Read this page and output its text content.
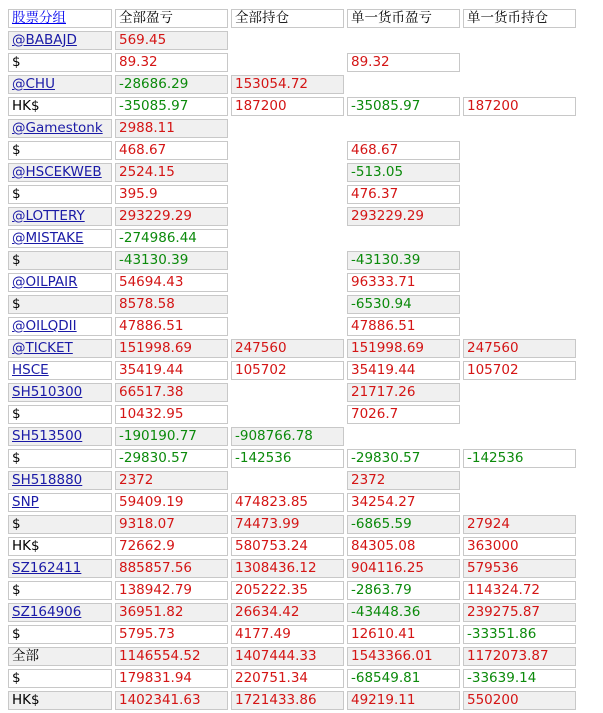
股票分组	全部盈亏	全部持仓	单一货币盈亏	单一货币持仓
@BABAJD	569.45			
$	89.32		89.32	
@CHU	-28686.29	153054.72		
HK$	-35085.97	187200	-35085.97	187200
@Gamestonk	2988.11			
$	468.67		468.67	
@HSCEKWEB	2524.15		-513.05	
$	395.9		476.37	
@LOTTERY	293229.29		293229.29	
@MISTAKE	-274986.44			
$	-43130.39		-43130.39	
@OILPAIR	54694.43		96333.71	
$	8578.58		-6530.94	
@OILQDII	47886.51		47886.51	
@TICKET	151998.69	247560	151998.69	247560
HSCE	35419.44	105702	35419.44	105702
SH510300	66517.38		21717.26	
$	10432.95		7026.7	
SH513500	-190190.77	-908766.78		
$	-29830.57	-142536	-29830.57	-142536
SH518880	2372		2372	
SNP	59409.19	474823.85	34254.27	
$	9318.07	74473.99	-6865.59	27924
HK$	72662.9	580753.24	84305.08	363000
SZ162411	885857.56	1308436.12	904116.25	579536
$	138942.79	205222.35	-2863.79	114324.72
SZ164906	36951.82	26634.42	-43448.36	239275.87
$	5795.73	4177.49	12610.41	-33351.86
全部	1146554.52	1407444.33	1543366.01	1172073.87
$	179831.94	220751.34	-68549.81	-33639.14
HK$	1402341.63	1721433.86	49219.11	550200
